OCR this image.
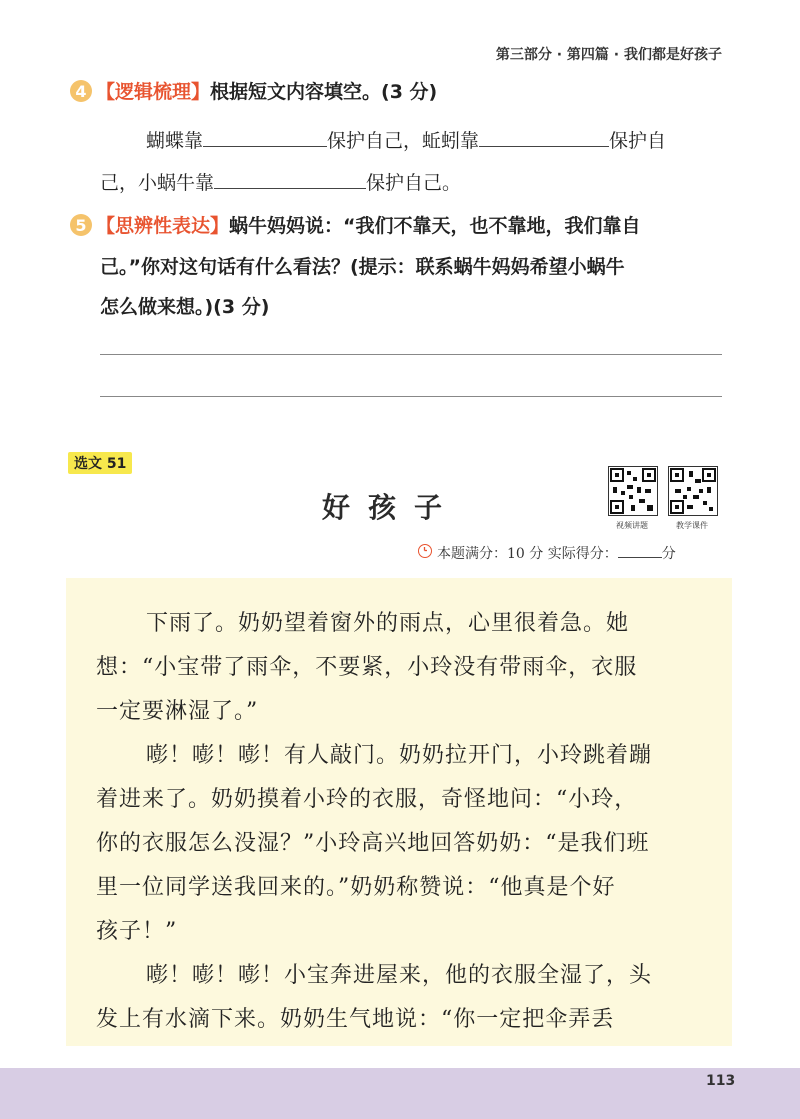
第三部分 · 第四篇 · 我们都是好孩子
4 【逻辑梳理】根据短文内容填空。(3 分)
蝴蝶靠	保护自己，蚯蚓靠	保护自
己，小蜗牛靠	保护自己。
5 【思辨性表达】蜗牛妈妈说：“我们不靠天，也不靠地，我们靠自
己。”你对这句话有什么看法？(提示：联系蜗牛妈妈希望小蜗牛
怎么做来想。)(3 分)
选文 51
好孩子
视频讲题	教学课件
本题满分：10 分 实际得分：	分
下雨了。奶奶望着窗外的雨点，心里很着急。她
想：“小宝带了雨伞，不要紧，小玲没有带雨伞，衣服
一定要淋湿了。”
嘭！嘭！嘭！有人敲门。奶奶拉开门，小玲跳着蹦
着进来了。奶奶摸着小玲的衣服，奇怪地问：“小玲，
你的衣服怎么没湿？”小玲高兴地回答奶奶：“是我们班
里一位同学送我回来的。”奶奶称赞说：“他真是个好
孩子！”
嘭！嘭！嘭！小宝奔进屋来，他的衣服全湿了，头
发上有水滴下来。奶奶生气地说：“你一定把伞弄丢
113
